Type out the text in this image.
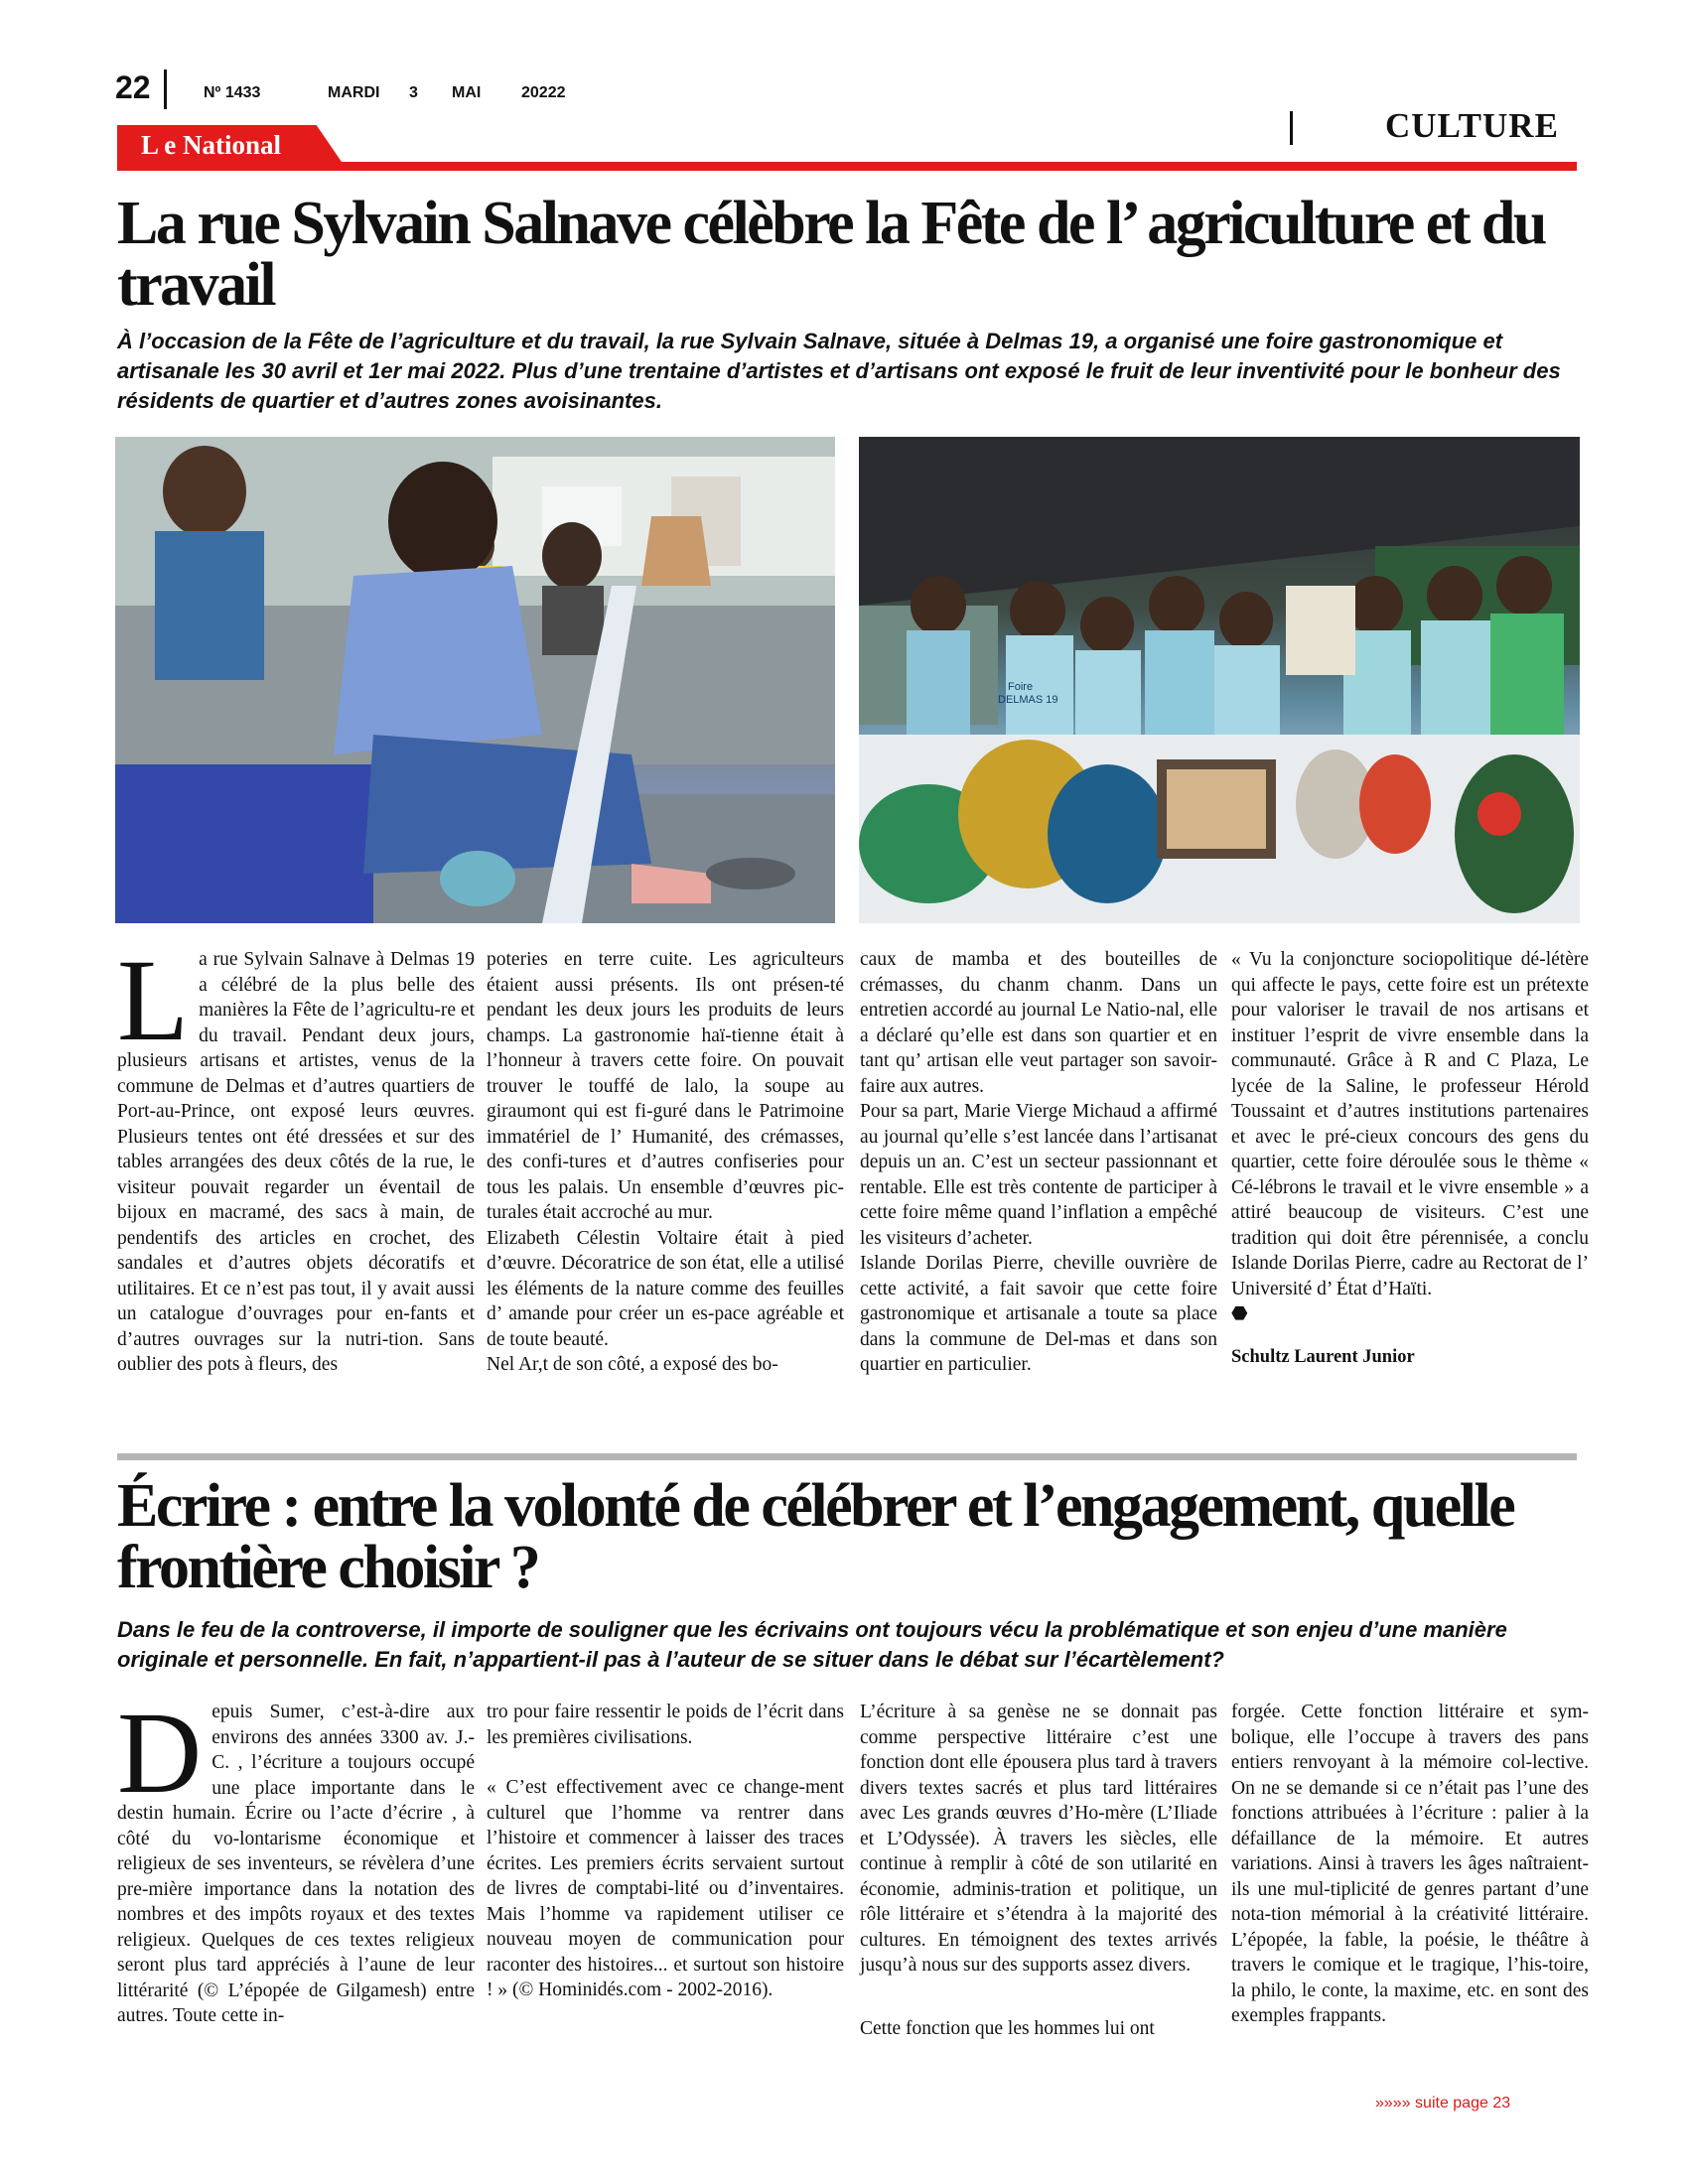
22	Nº 1433	MARDI 3 MAI	20222
CULTURE
L e National
La rue Sylvain Salnave célèbre la Fête de l’ agriculture et du travail

À l’occasion de la Fête de l’agriculture et du travail, la rue Sylvain Salnave, située à Delmas 19, a organisé une foire gastronomique et artisanale les 30 avril et 1er mai 2022. Plus d’une trentaine d’artistes et d’artisans ont exposé le fruit de leur inventivité pour le bonheur des résidents de quartier et d’autres zones avoisinantes.

Foire
DELMAS 19
L a rue Sylvain Salnave à Delmas 19 a célébré de la plus belle des manières la Fête de l’agricultu-re et du travail. Pendant deux jours, plusieurs artisans et artistes, venus de la commune de Delmas et d’autres quartiers de Port-au-Prince, ont exposé leurs œuvres. Plusieurs tentes ont été dressées et sur des tables arrangées des deux côtés de la rue, le visiteur pouvait regarder un éventail de bijoux en macramé, des sacs à main, de pendentifs des articles en crochet, des sandales et d’autres objets décoratifs et utilitaires. Et ce n’est pas tout, il y avait aussi un catalogue d’ouvrages pour en-fants et d’autres ouvrages sur la nutri-tion. Sans oublier des pots à fleurs, des

poteries en terre cuite. Les agriculteurs étaient aussi présents. Ils ont présen-té pendant les deux jours les produits de leurs champs. La gastronomie haï-tienne était à l’honneur à travers cette foire. On pouvait trouver le touffé de lalo, la soupe au giraumont qui est fi-guré dans le Patrimoine immatériel de l’ Humanité, des crémasses, des confi-tures et d’autres confiseries pour tous les palais. Un ensemble d’œuvres pic-turales était accroché au mur.

Elizabeth Célestin Voltaire était à pied d’œuvre. Décoratrice de son état, elle a utilisé les éléments de la nature comme des feuilles d’ amande pour créer un es-pace agréable et de toute beauté.

Nel Ar,t de son côté, a exposé des bo-

caux de mamba et des bouteilles de crémasses, du chanm chanm. Dans un entretien accordé au journal Le Natio-nal, elle a déclaré qu’elle est dans son quartier et en tant qu’ artisan elle veut partager son savoir-faire aux autres.

Pour sa part, Marie Vierge Michaud a affirmé au journal qu’elle s’est lancée dans l’artisanat depuis un an. C’est un secteur passionnant et rentable. Elle est très contente de participer à cette foire même quand l’inflation a empêché les visiteurs d’acheter.

Islande Dorilas Pierre, cheville ouvrière de cette activité, a fait savoir que cette foire gastronomique et artisanale a toute sa place dans la commune de Del-mas et dans son quartier en particulier.

« Vu la conjoncture sociopolitique dé-létère qui affecte le pays, cette foire est un prétexte pour valoriser le travail de nos artisans et instituer l’esprit de vivre ensemble dans la communauté. Grâce à R and C Plaza, Le lycée de la Saline, le professeur Hérold Toussaint et d’autres institutions partenaires et avec le pré-cieux concours des gens du quartier, cette foire déroulée sous le thème « Cé-lébrons le travail et le vivre ensemble » a attiré beaucoup de visiteurs. C’est une tradition qui doit être pérennisée, a conclu Islande Dorilas Pierre, cadre au Rectorat de l’ Université d’ État d’Haïti.

⬣

Schultz Laurent Junior

Écrire : entre la volonté de célébrer et l’engagement, quelle frontière choisir ?

Dans le feu de la controverse, il importe de souligner que les écrivains ont toujours vécu la problématique et son enjeu d’une manière originale et personnelle. En fait, n’appartient-il pas à l’auteur de se situer dans le débat sur l’écartèlement?

D epuis Sumer, c’est-à-dire aux environs des années 3300 av. J.-C. , l’écriture a toujours occupé une place importante dans le destin humain. Écrire ou l’acte d’écrire , à côté du vo-lontarisme économique et religieux de ses inventeurs, se révèlera d’une pre-mière importance dans la notation des nombres et des impôts royaux et des textes religieux. Quelques de ces textes religieux seront plus tard appréciés à l’aune de leur littérarité (© L’épopée de Gilgamesh) entre autres. Toute cette in-

tro pour faire ressentir le poids de l’écrit dans les premières civilisations.

« C’est effectivement avec ce change-ment culturel que l’homme va rentrer dans l’histoire et commencer à laisser des traces écrites. Les premiers écrits servaient surtout de livres de comptabi-lité ou d’inventaires. Mais l’homme va rapidement utiliser ce nouveau moyen de communication pour raconter des histoires... et surtout son histoire ! » (© Hominidés.com - 2002-2016).

L’écriture à sa genèse ne se donnait pas comme perspective littéraire c’est une fonction dont elle épousera plus tard à travers divers textes sacrés et plus tard littéraires avec Les grands œuvres d’Ho-mère (L’Iliade et L’Odyssée). À travers les siècles, elle continue à remplir à côté de son utilarité en économie, adminis-tration et politique, un rôle littéraire et s’étendra à la majorité des cultures. En témoignent des textes arrivés jusqu’à nous sur des supports assez divers.

Cette fonction que les hommes lui ont

forgée. Cette fonction littéraire et sym-bolique, elle l’occupe à travers des pans entiers renvoyant à la mémoire col-lective. On ne se demande si ce n’était pas l’une des fonctions attribuées à l’écriture : palier à la défaillance de la mémoire. Et autres variations. Ainsi à travers les âges naîtraient- ils une mul-tiplicité de genres partant d’une nota-tion mémorial à la créativité littéraire. L’épopée, la fable, la poésie, le théâtre à travers le comique et le tragique, l’his-toire, la philo, le conte, la maxime, etc. en sont des exemples frappants.

»»»» suite page 23
